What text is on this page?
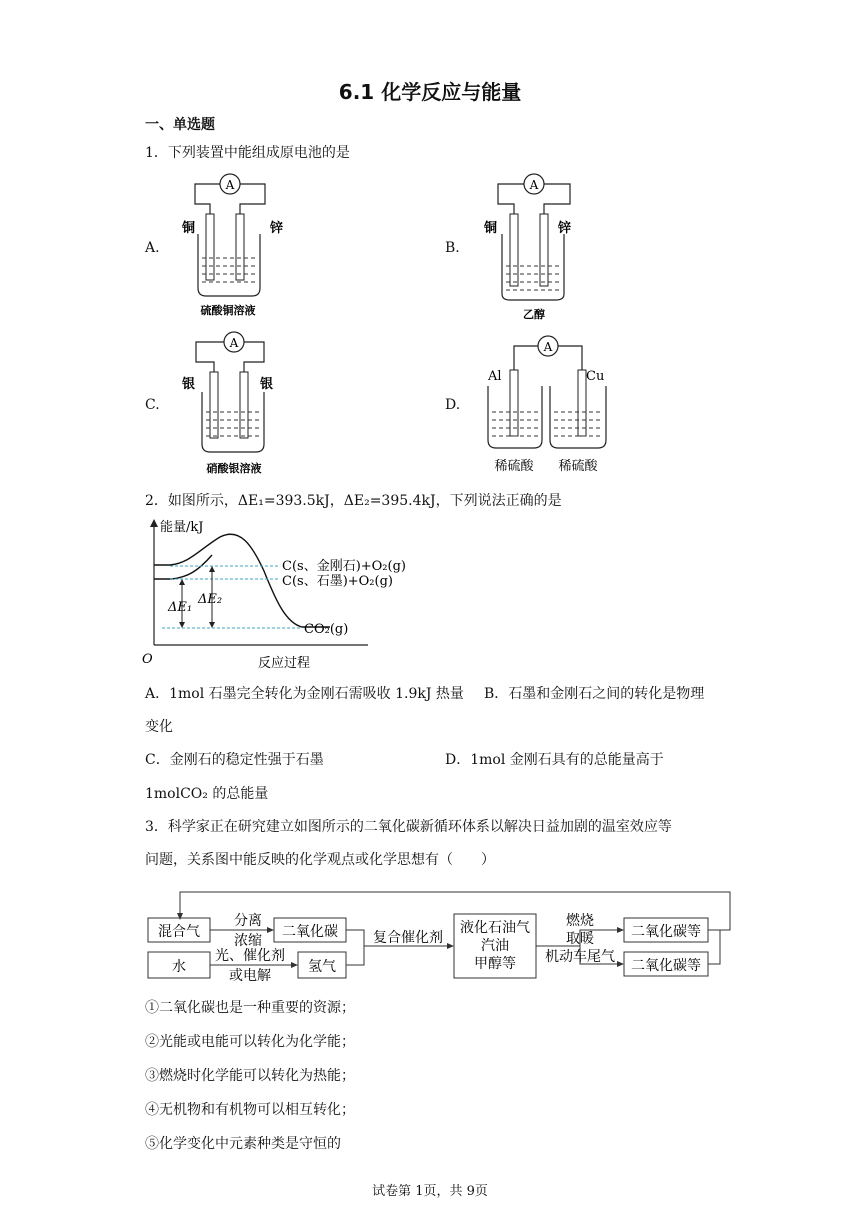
6.1 化学反应与能量
一、单选题
1．下列装置中能组成原电池的是
A.
A
铜	锌
硫酸铜溶液
B.
A
铜	锌
乙醇
C.
A
银	银
硝酸银溶液
D.
A
Al	Cu
稀硫酸 稀硫酸
2．如图所示，ΔE₁=393.5kJ，ΔE₂=395.4kJ，下列说法正确的是
能量/kJ
O	反应过程
ΔE₁
ΔE₂
C(s、金刚石)+O₂(g)
C(s、石墨)+O₂(g)
CO₂(g)
A．1mol 石墨完全转化为金刚石需吸收 1.9kJ 热量 B．石墨和金刚石之间的转化是物理
变化
C．金刚石的稳定性强于石墨	D．1mol 金刚石具有的总能量高于
1molCO₂ 的总能量
3．科学家正在研究建立如图所示的二氧化碳新循环体系以解决日益加剧的温室效应等
问题，关系图中能反映的化学观点或化学思想有（　　）
混合气
分离
浓缩
二氧化碳	复合催化剂
液化石油气
汽油
甲醇等
燃烧
取暖
机动车尾气
二氧化碳等
二氧化碳等
水
光、催化剂
或电解
氢气
①二氧化碳也是一种重要的资源；
②光能或电能可以转化为化学能；
③燃烧时化学能可以转化为热能；
④无机物和有机物可以相互转化；
⑤化学变化中元素种类是守恒的
试卷第 1页，共 9页
